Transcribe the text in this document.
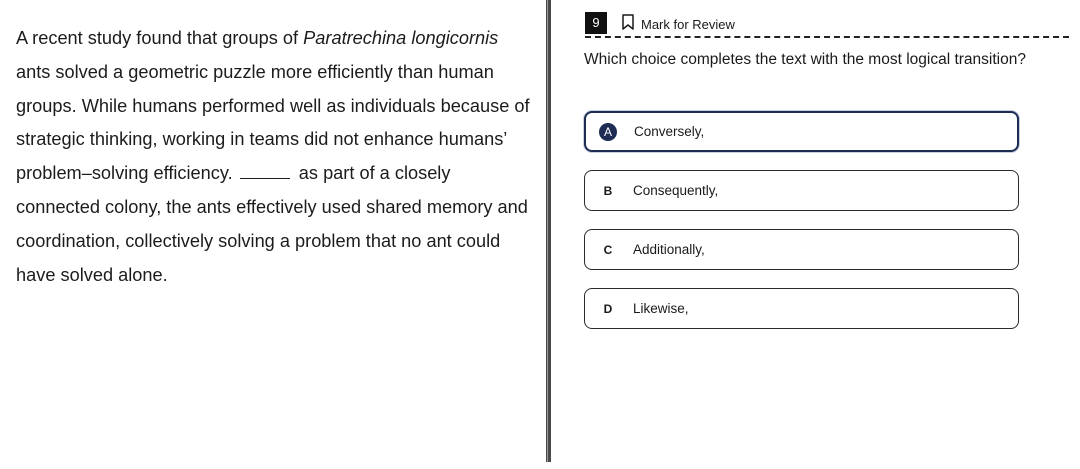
A recent study found that groups of Paratrechina longicornis ants solved a geometric puzzle more efficiently than human groups. While humans performed well as individuals because of strategic thinking, working in teams did not enhance humans’ problem–solving efficiency.	as part of a closely connected colony, the ants effectively used shared memory and coordination, collectively solving a problem that no ant could have solved alone.

9	Mark for Review

Which choice completes the text with the most logical transition?

A	Conversely,
B	Consequently,
C	Additionally,
D	Likewise,
